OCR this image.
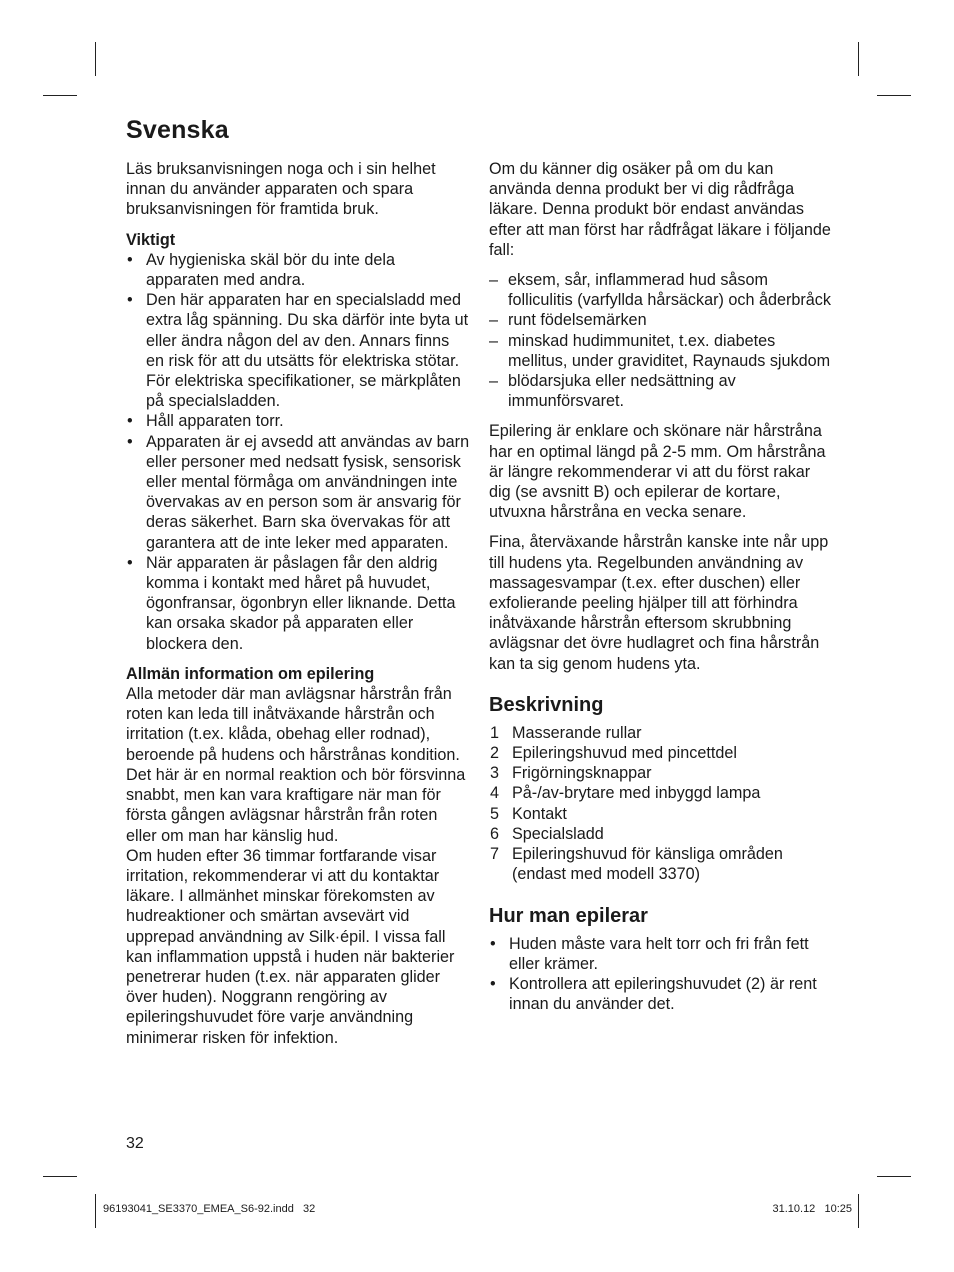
Svenska

Läs bruksanvisningen noga och i sin helhet innan du använder apparaten och spara bruksanvisningen för framtida bruk.

Viktigt

• Av hygieniska skäl bör du inte dela apparaten med andra.
• Den här apparaten har en specialsladd med extra låg spänning. Du ska därför inte byta ut eller ändra någon del av den. Annars finns en risk för att du utsätts för elektriska stötar. För elektriska specifikationer, se märkplåten på specialsladden.
• Håll apparaten torr.
• Apparaten är ej avsedd att användas av barn eller personer med nedsatt fysisk, sensorisk eller mental förmåga om användningen inte övervakas av en person som är ansvarig för deras säkerhet. Barn ska övervakas för att garantera att de inte leker med apparaten.
• När apparaten är påslagen får den aldrig komma i kontakt med håret på huvudet, ögonfransar, ögonbryn eller liknande. Detta kan orsaka skador på apparaten eller blockera den.

Allmän information om epilering

Alla metoder där man avlägsnar hårstrån från roten kan leda till inåtväxande hårstrån och irritation (t.ex. klåda, obehag eller rodnad), beroende på hudens och hårstrånas kondition. Det här är en normal reaktion och bör försvinna snabbt, men kan vara kraftigare när man för första gången avlägsnar hårstrån från roten eller om man har känslig hud.

Om huden efter 36 timmar fortfarande visar irritation, rekommenderar vi att du kontaktar läkare. I allmänhet minskar förekomsten av hudreaktioner och smärtan avsevärt vid upprepad användning av Silk·épil. I vissa fall kan inflammation uppstå i huden när bakterier penetrerar huden (t.ex. när apparaten glider över huden). Noggrann rengöring av epileringshuvudet före varje användning minimerar risken för infektion.

Om du känner dig osäker på om du kan använda denna produkt ber vi dig rådfråga läkare. Denna produkt bör endast användas efter att man först har rådfrågat läkare i följande fall:

– eksem, sår, inflammerad hud såsom folliculitis (varfyllda hårsäckar) och åderbråck
– runt födelsemärken
– minskad hudimmunitet, t.ex. diabetes mellitus, under graviditet, Raynauds sjukdom
– blödarsjuka eller nedsättning av immunförsvaret.

Epilering är enklare och skönare när hårstråna har en optimal längd på 2-5 mm. Om hårstråna är längre rekommenderar vi att du först rakar dig (se avsnitt B) och epilerar de kortare, utvuxna hårstråna en vecka senare.

Fina, återväxande hårstrån kanske inte når upp till hudens yta. Regelbunden användning av massagesvampar (t.ex. efter duschen) eller exfolierande peeling hjälper till att förhindra inåtväxande hårstrån eftersom skrubbning avlägsnar det övre hudlagret och fina hårstrån kan ta sig genom hudens yta.

Beskrivning
1 Masserande rullar
2 Epileringshuvud med pincettdel
3 Frigörningsknappar
4 På-/av-brytare med inbyggd lampa
5 Kontakt
6 Specialsladd
7 Epileringshuvud för känsliga områden (endast med modell 3370)
Hur man epilerar
• Huden måste vara helt torr och fri från fett eller krämer.
• Kontrollera att epileringshuvudet (2) är rent innan du använder det.
32
96193041_SE3370_EMEA_S6-92.indd   32	31.10.12   10:25
